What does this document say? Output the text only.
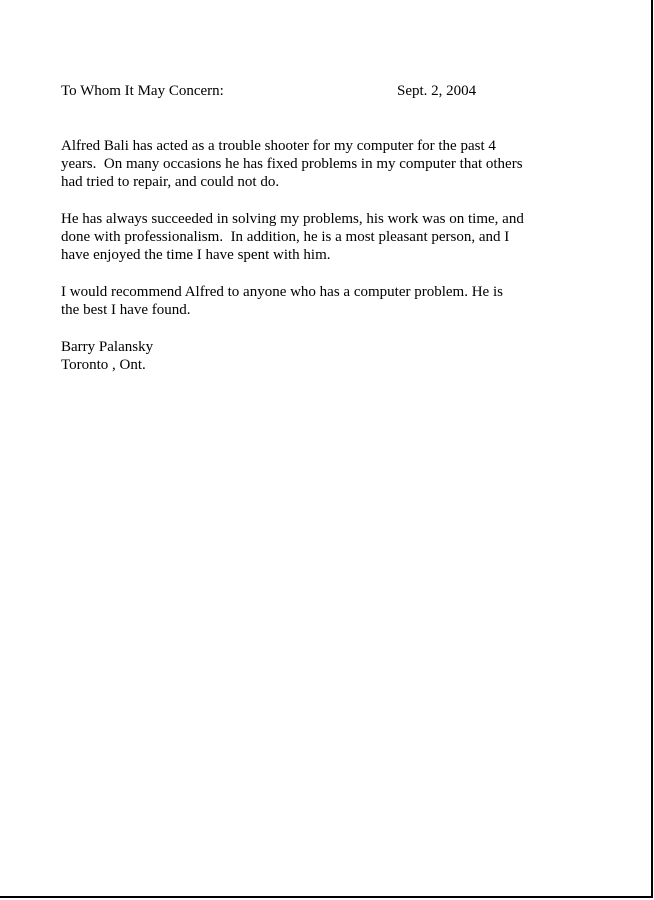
To Whom It May Concern:	Sept. 2, 2004
Alfred Bali has acted as a trouble shooter for my computer for the past 4
years.  On many occasions he has fixed problems in my computer that others
had tried to repair, and could not do.
He has always succeeded in solving my problems, his work was on time, and
done with professionalism.  In addition, he is a most pleasant person, and I
have enjoyed the time I have spent with him.
I would recommend Alfred to anyone who has a computer problem. He is
the best I have found.
Barry Palansky
Toronto , Ont.
